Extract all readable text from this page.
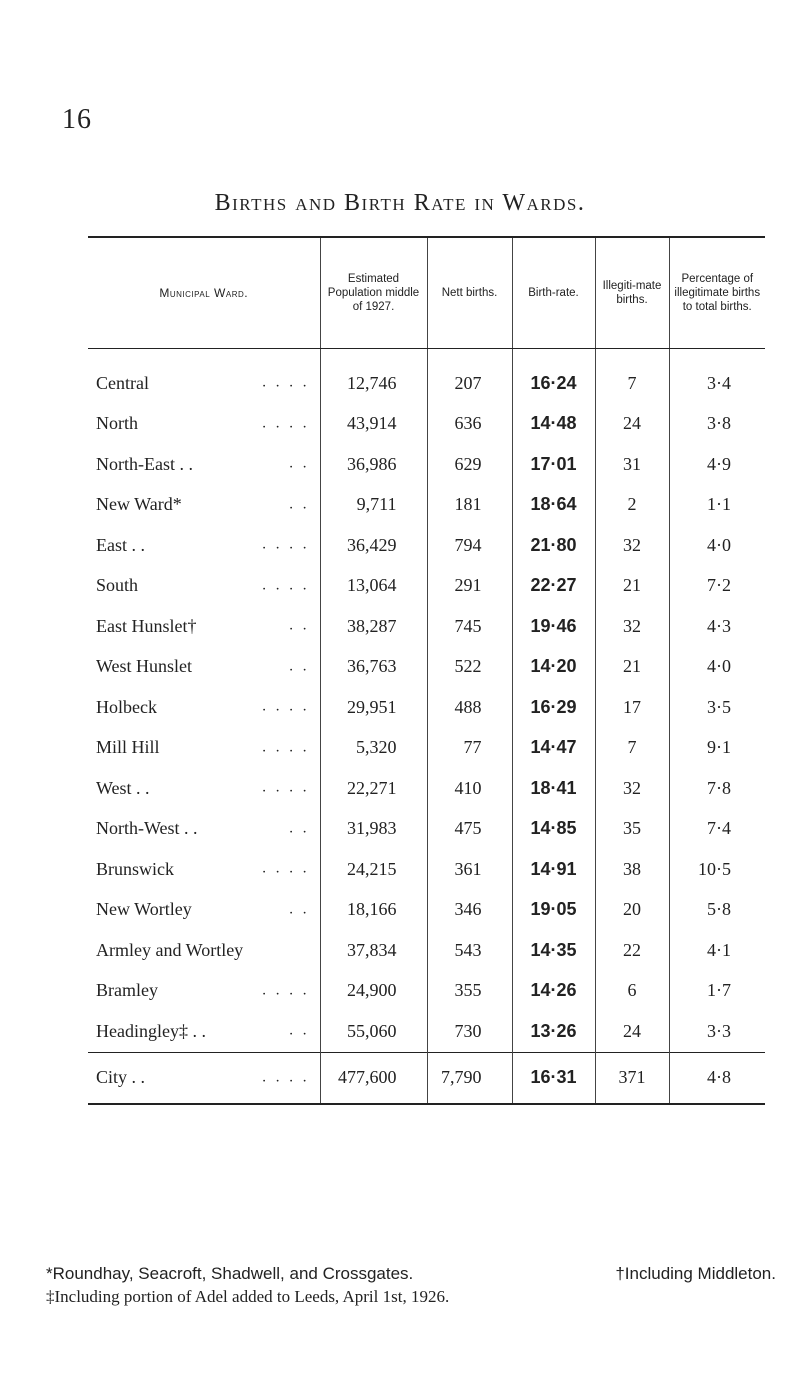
16
Births and Birth Rate in Wards.
Municipal Ward.	Estimated Population middle of 1927.	Nett births.	Birth-rate.	Illegiti-mate births.	Percentage of illegitimate births to total births.
Central . . . .	12,746	207	16·24	7	3·4
North . . . .	43,914	636	14·48	24	3·8
North-East . . . .	36,986	629	17·01	31	4·9
New Ward* . .	9,711	181	18·64	2	1·1
East . . . . . .	36,429	794	21·80	32	4·0
South . . . .	13,064	291	22·27	21	7·2
East Hunslet† . .	38,287	745	19·46	32	4·3
West Hunslet . .	36,763	522	14·20	21	4·0
Holbeck . . . .	29,951	488	16·29	17	3·5
Mill Hill . . . .	5,320	77	14·47	7	9·1
West . . . . . .	22,271	410	18·41	32	7·8
North-West . . . .	31,983	475	14·85	35	7·4
Brunswick . . . .	24,215	361	14·91	38	10·5
New Wortley . .	18,166	346	19·05	20	5·8
Armley and Wortley	37,834	543	14·35	22	4·1
Bramley . . . .	24,900	355	14·26	6	1·7
Headingley‡ . . . .	55,060	730	13·26	24	3·3
City . . . . . .	477,600	7,790	16·31	371	4·8
*Roundhay, Seacroft, Shadwell, and Crossgates.	†Including Middleton.
‡Including portion of Adel added to Leeds, April 1st, 1926.
